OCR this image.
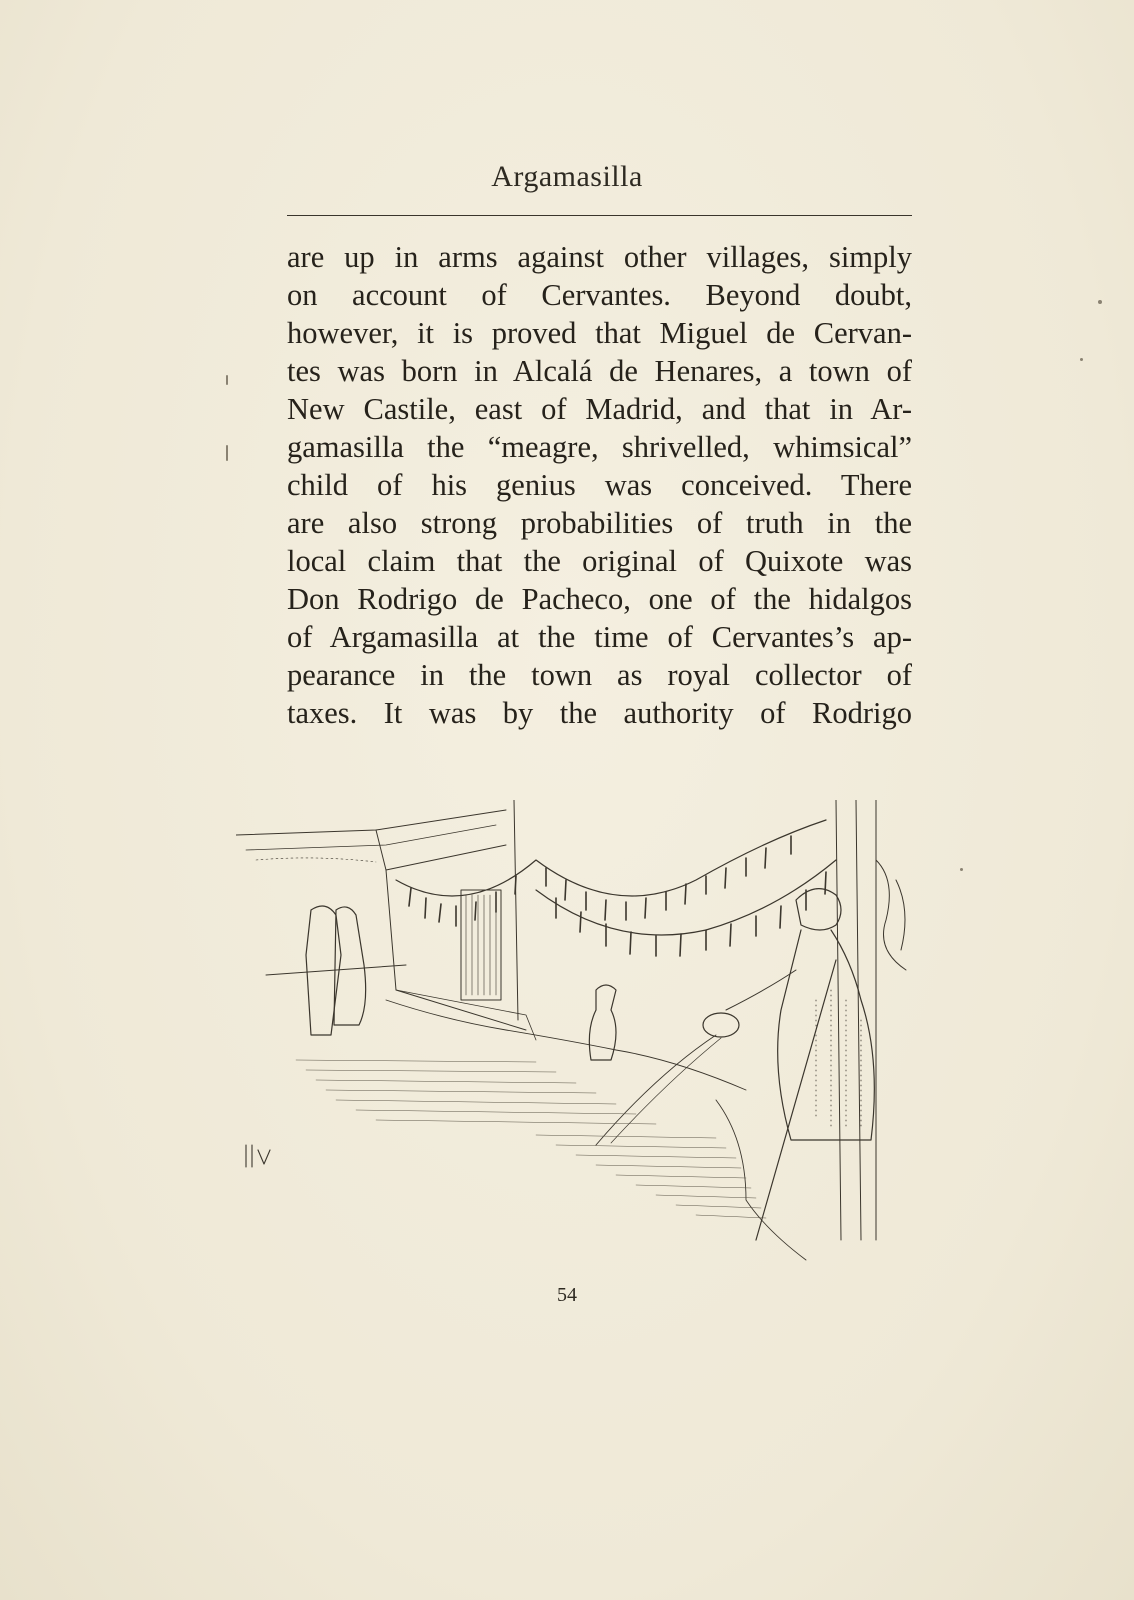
Argamasilla
are up in arms against other villages, simply
on account of Cervantes. Beyond doubt,
however, it is proved that Miguel de Cervan-
tes was born in Alcalá de Henares, a town of
New Castile, east of Madrid, and that in Ar-
gamasilla the “meagre, shrivelled, whimsical”
child of his genius was conceived. There
are also strong probabilities of truth in the
local claim that the original of Quixote was
Don Rodrigo de Pacheco, one of the hidalgos
of Argamasilla at the time of Cervantes’s ap-
pearance in the town as royal collector of
taxes. It was by the authority of Rodrigo
54
